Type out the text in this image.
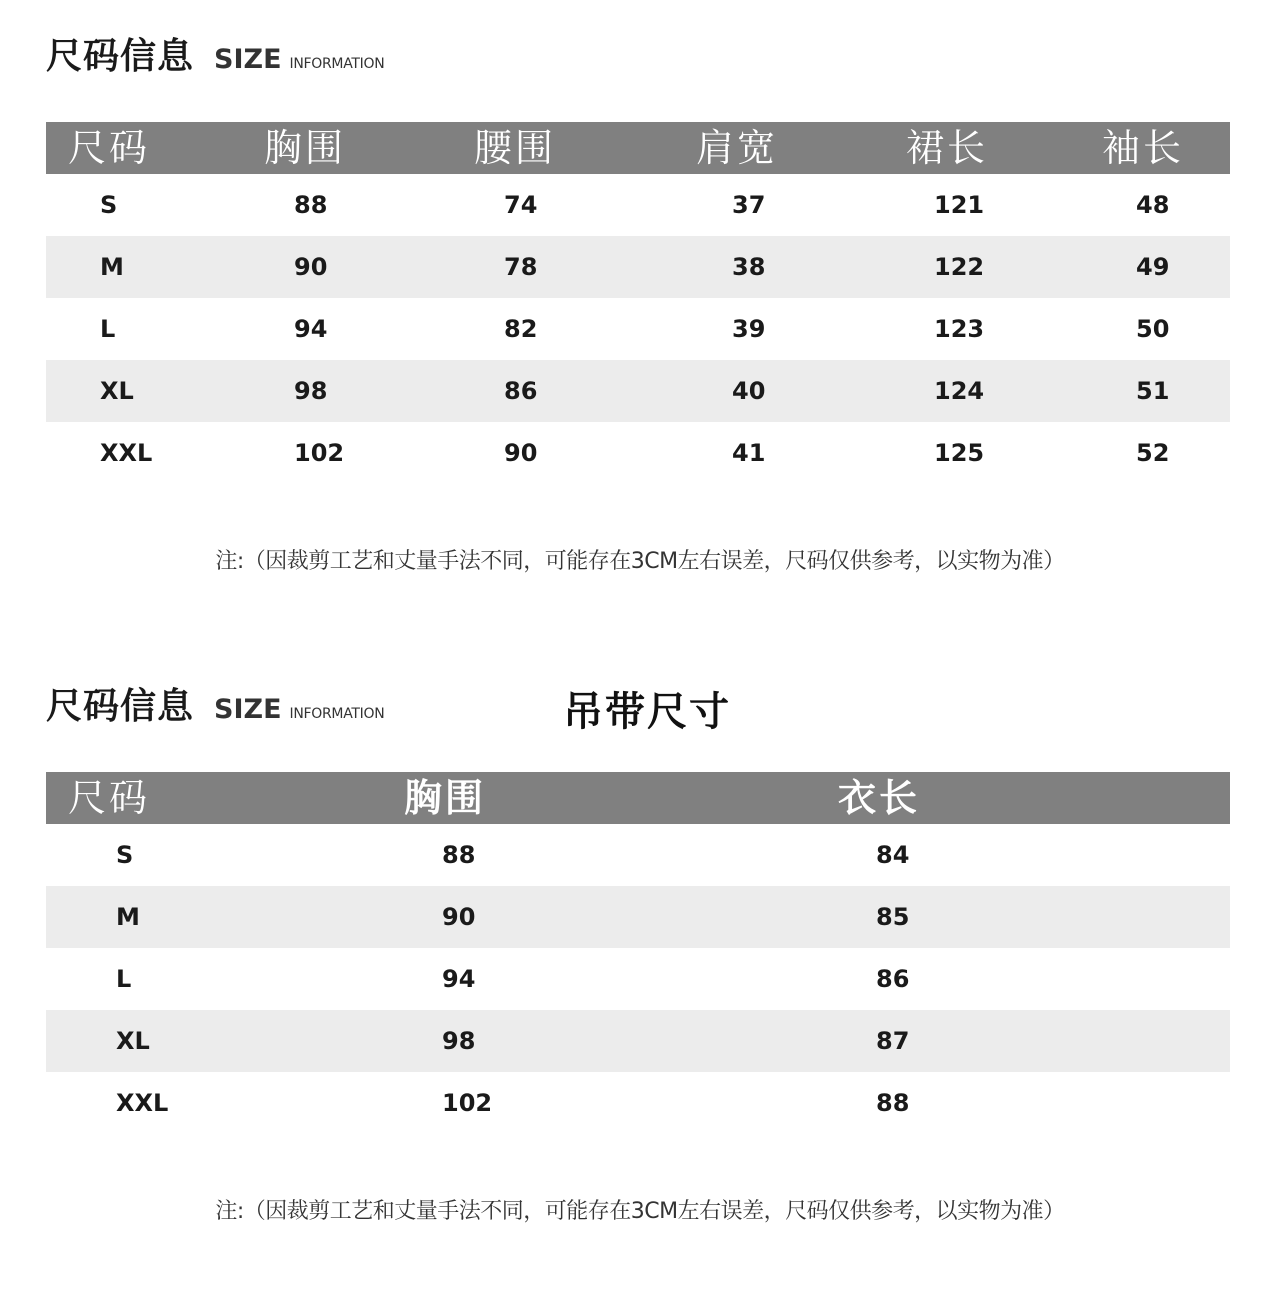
尺码信息 SIZE INFORMATION
尺码	胸围	腰围	肩宽	裙长	袖长
S	88	74	37	121	48
M	90	78	38	122	49
L	94	82	39	123	50
XL	98	86	40	124	51
XXL	102	90	41	125	52
注:（因裁剪工艺和丈量手法不同，可能存在3CM左右误差，尺码仅供参考，以实物为准）
尺码信息 SIZE INFORMATION	吊带尺寸
尺码	胸围	衣长
S	88	84
M	90	85
L	94	86
XL	98	87
XXL	102	88
注:（因裁剪工艺和丈量手法不同，可能存在3CM左右误差，尺码仅供参考，以实物为准）
